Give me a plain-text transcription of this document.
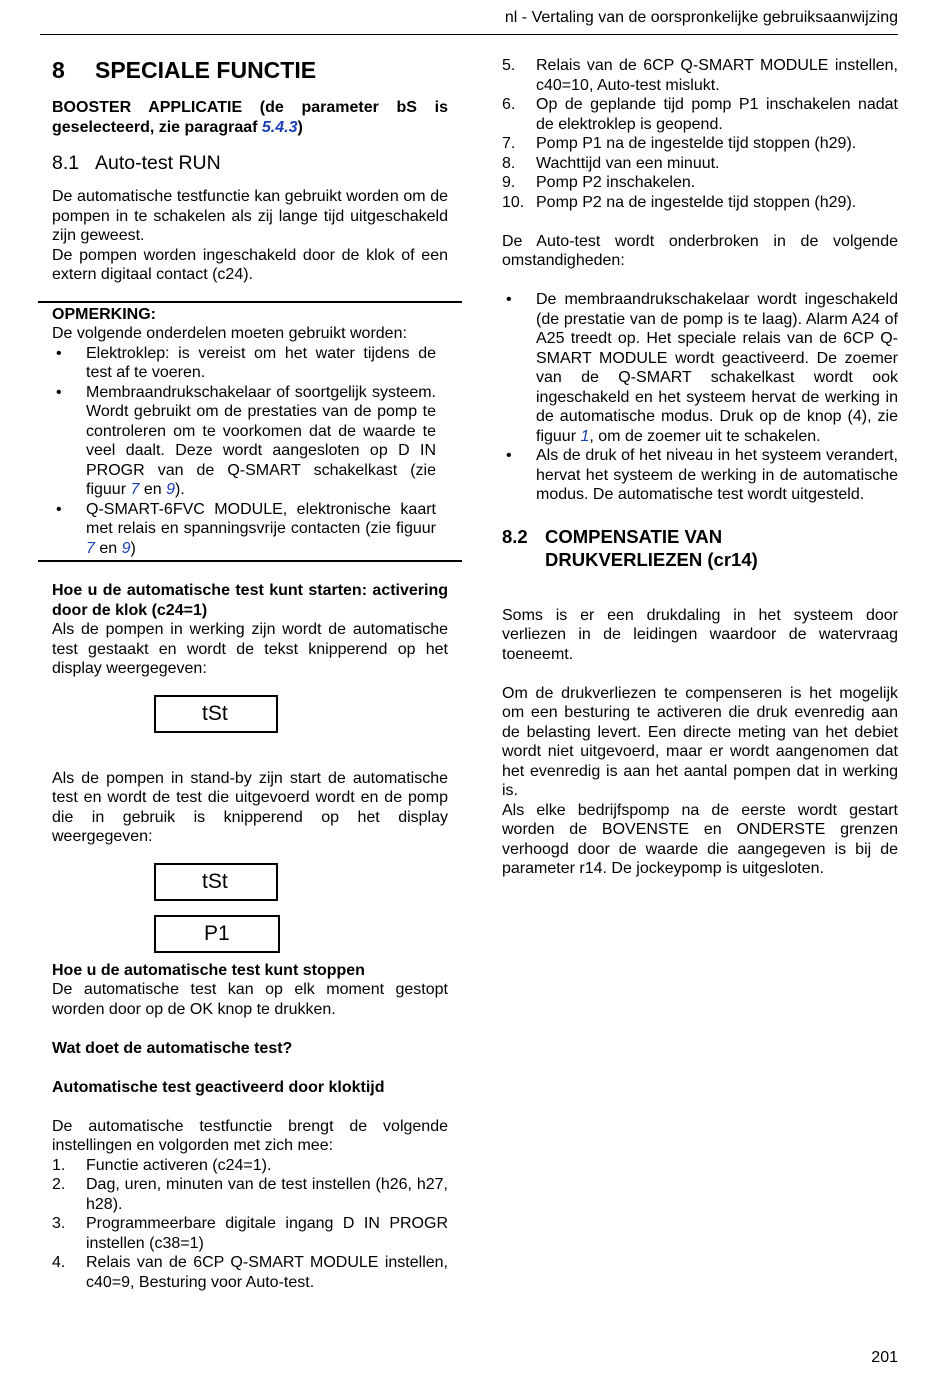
nl - Vertaling van de oorspronkelijke gebruiksaanwijzing
8 SPECIALE FUNCTIE

BOOSTER APPLICATIE (de parameter bS is geselecteerd, zie paragraaf 5.4.3)

8.1 Auto-test RUN

De automatische testfunctie kan gebruikt worden om de pompen in te schakelen als zij lange tijd uitgeschakeld zijn geweest.

De pompen worden ingeschakeld door de klok of een extern digitaal contact (c24).

OPMERKING:

De volgende onderdelen moeten gebruikt worden:

• Elektroklep: is vereist om het water tijdens de test af te voeren.
• Membraandrukschakelaar of soortgelijk systeem. Wordt gebruikt om de prestaties van de pomp te controleren om te voorkomen dat de waarde te veel daalt. Deze wordt aangesloten op D IN PROGR van de Q-SMART schakelkast (zie figuur 7 en 9).
• Q-SMART-6FVC MODULE, elektronische kaart met relais en spanningsvrije contacten (zie figuur 7 en 9)

Hoe u de automatische test kunt starten: activering door de klok (c24=1)

Als de pompen in werking zijn wordt de automatische test gestaakt en wordt de tekst knipperend op het display weergegeven:

tSt

Als de pompen in stand-by zijn start de automatische test en wordt de test die uitgevoerd wordt en de pomp die in gebruik is knipperend op het display weergegeven:

tSt
P1

Hoe u de automatische test kunt stoppen

De automatische test kan op elk moment gestopt worden door op de OK knop te drukken.

Wat doet de automatische test?

Automatische test geactiveerd door kloktijd

De automatische testfunctie brengt de volgende instellingen en volgorden met zich mee:

1. Functie activeren (c24=1).
2. Dag, uren, minuten van de test instellen (h26, h27, h28).
3. Programmeerbare digitale ingang D IN PROGR instellen (c38=1)
4. Relais van de 6CP Q-SMART MODULE instellen, c40=9, Besturing voor Auto-test.
5. Relais van de 6CP Q-SMART MODULE instellen, c40=10, Auto-test mislukt.
6. Op de geplande tijd pomp P1 inschakelen nadat de elektroklep is geopend.
7. Pomp P1 na de ingestelde tijd stoppen (h29).
8. Wachttijd van een minuut.
9. Pomp P2 inschakelen.
10. Pomp P2 na de ingestelde tijd stoppen (h29).

De Auto-test wordt onderbroken in de volgende omstandigheden:

• De membraandrukschakelaar wordt ingeschakeld (de prestatie van de pomp is te laag). Alarm A24 of A25 treedt op. Het speciale relais van de 6CP Q-SMART MODULE wordt geactiveerd. De zoemer van de Q-SMART schakelkast wordt ook ingeschakeld en het systeem hervat de werking in de automatische modus. Druk op de knop (4), zie figuur 1, om de zoemer uit te schakelen.
• Als de druk of het niveau in het systeem verandert, hervat het systeem de werking in de automatische modus. De automatische test wordt uitgesteld.
8.2 COMPENSATIE VAN DRUKVERLIEZEN (cr14)

Soms is er een drukdaling in het systeem door verliezen in de leidingen waardoor de watervraag toeneemt.

Om de drukverliezen te compenseren is het mogelijk om een besturing te activeren die druk evenredig aan de belasting levert. Een directe meting van het debiet wordt niet uitgevoerd, maar er wordt aangenomen dat het evenredig is aan het aantal pompen dat in werking is.

Als elke bedrijfspomp na de eerste wordt gestart worden de BOVENSTE en ONDERSTE grenzen verhoogd door de waarde die aangegeven is bij de parameter r14. De jockeypomp is uitgesloten.

201
